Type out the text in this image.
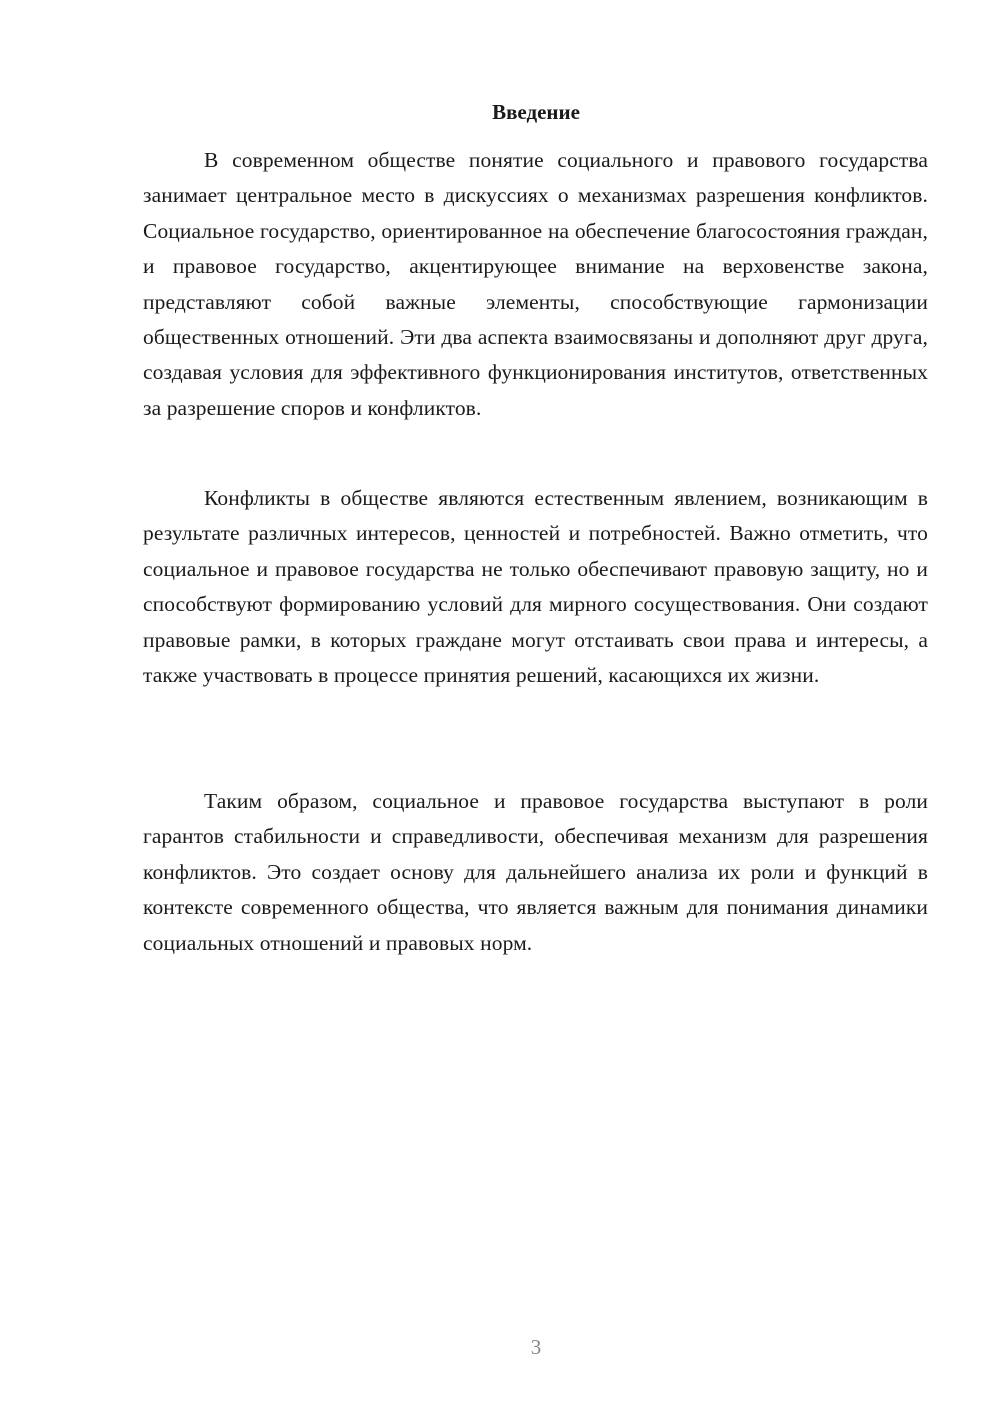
Введение

В современном обществе понятие социального и правового государства занимает центральное место в дискуссиях о механизмах разрешения конфликтов. Социальное государство, ориентированное на обеспечение благосостояния граждан, и правовое государство, акцентирующее внимание на верховенстве закона, представляют собой важные элементы, способствующие гармонизации общественных отношений. Эти два аспекта взаимосвязаны и дополняют друг друга, создавая условия для эффективного функционирования институтов, ответственных за разрешение споров и конфликтов.

Конфликты в обществе являются естественным явлением, возникающим в результате различных интересов, ценностей и потребностей. Важно отметить, что социальное и правовое государства не только обеспечивают правовую защиту, но и способствуют формированию условий для мирного сосуществования. Они создают правовые рамки, в которых граждане могут отстаивать свои права и интересы, а также участвовать в процессе принятия решений, касающихся их жизни.

Таким образом, социальное и правовое государства выступают в роли гарантов стабильности и справедливости, обеспечивая механизм для разрешения конфликтов. Это создает основу для дальнейшего анализа их роли и функций в контексте современного общества, что является важным для понимания динамики социальных отношений и правовых норм.

3
